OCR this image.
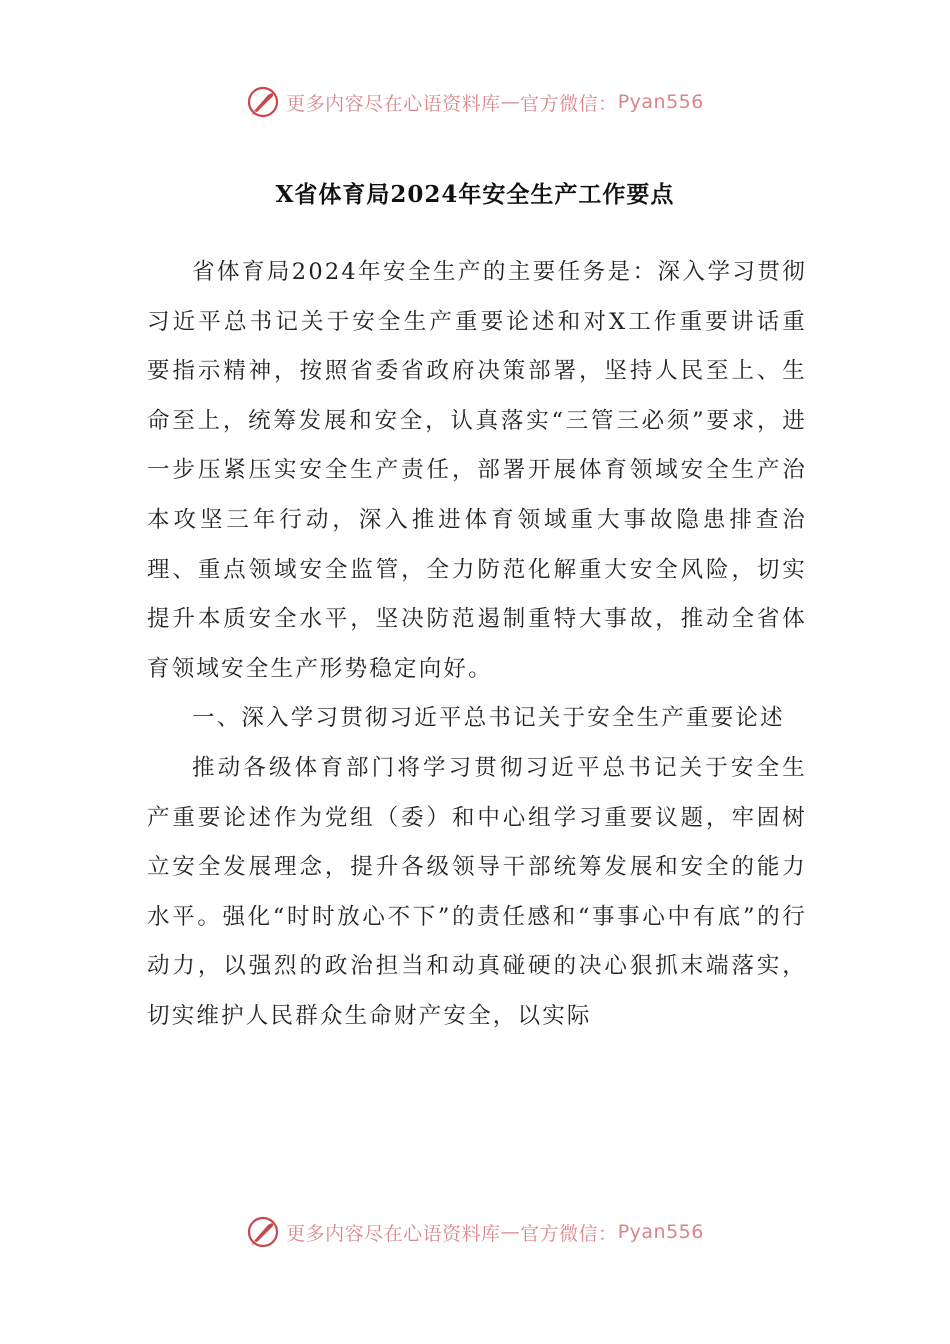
更多内容尽在心语资料库 — 官方微信： Pyan556
X省体育局2024年安全生产工作要点

省体育局2024年安全生产的主要任务是：深入学习贯彻习近平总书记关于安全生产重要论述和对X工作重要讲话重要指示精神，按照省委省政府决策部署，坚持人民至上、生命至上，统筹发展和安全，认真落实“三管三必须”要求，进一步压紧压实安全生产责任，部署开展体育领域安全生产治本攻坚三年行动，深入推进体育领域重大事故隐患排查治理、重点领域安全监管，全力防范化解重大安全风险，切实提升本质安全水平，坚决防范遏制重特大事故，推动全省体育领域安全生产形势稳定向好。

一、深入学习贯彻习近平总书记关于安全生产重要论述

推动各级体育部门将学习贯彻习近平总书记关于安全生产重要论述作为党组（委）和中心组学习重要议题，牢固树立安全发展理念，提升各级领导干部统筹发展和安全的能力水平。强化“时时放心不下”的责任感和“事事心中有底”的行动力，以强烈的政治担当和动真碰硬的决心狠抓末端落实，切实维护人民群众生命财产安全，以实际

更多内容尽在心语资料库 — 官方微信： Pyan556
